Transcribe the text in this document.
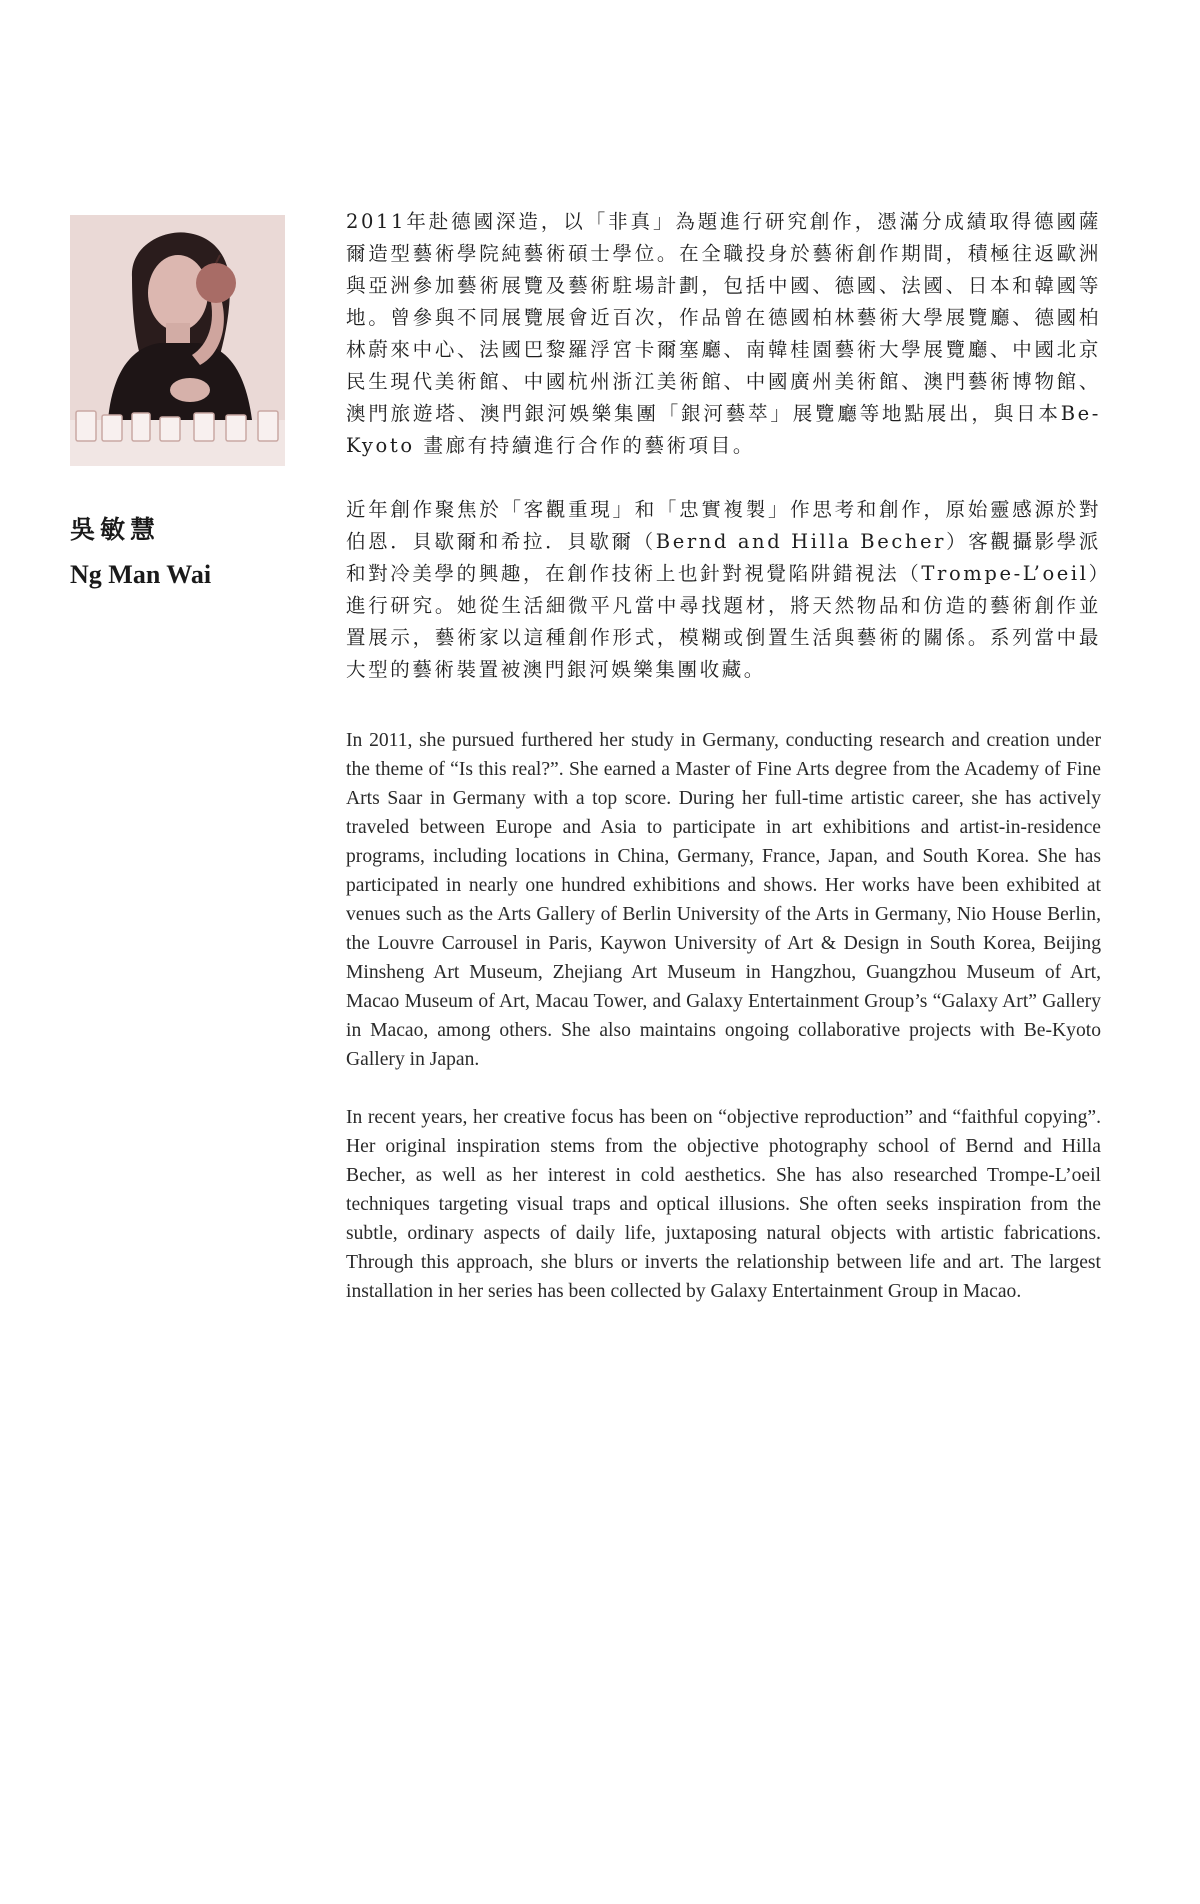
吳敏慧
Ng Man Wai

2011年赴德國深造，以「非真」為題進行研究創作，憑滿分成績取得德國薩爾造型藝術學院純藝術碩士學位。在全職投身於藝術創作期間，積極往返歐洲與亞洲參加藝術展覽及藝術駐場計劃，包括中國、德國、法國、日本和韓國等地。曾參與不同展覽展會近百次，作品曾在德國柏林藝術大學展覽廳、德國柏林蔚來中心、法國巴黎羅浮宮卡爾塞廳、南韓桂園藝術大學展覽廳、中國北京民生現代美術館、中國杭州浙江美術館、中國廣州美術館、澳門藝術博物館、澳門旅遊塔、澳門銀河娛樂集團「銀河藝萃」展覽廳等地點展出，與日本Be-Kyoto 畫廊有持續進行合作的藝術項目。

近年創作聚焦於「客觀重現」和「忠實複製」作思考和創作，原始靈感源於對伯恩．貝歇爾和希拉．貝歇爾（Bernd and Hilla Becher）客觀攝影學派和對冷美學的興趣，在創作技術上也針對視覺陷阱錯視法（Trompe-L’oeil）進行研究。她從生活細微平凡當中尋找題材，將天然物品和仿造的藝術創作並置展示，藝術家以這種創作形式，模糊或倒置生活與藝術的關係。系列當中最大型的藝術裝置被澳門銀河娛樂集團收藏。

In 2011, she pursued furthered her study in Germany, conducting research and creation under the theme of “Is this real?”. She earned a Master of Fine Arts degree from the Academy of Fine Arts Saar in Germany with a top score. During her full-time artistic career, she has actively traveled between Europe and Asia to participate in art exhibitions and artist-in-residence programs, including locations in China, Germany, France, Japan, and South Korea. She has participated in nearly one hundred exhibitions and shows. Her works have been exhibited at venues such as the Arts Gallery of Berlin University of the Arts in Germany, Nio House Berlin, the Louvre Carrousel in Paris, Kaywon University of Art & Design in South Korea, Beijing Minsheng Art Museum, Zhejiang Art Museum in Hangzhou, Guangzhou Museum of Art, Macao Museum of Art, Macau Tower, and Galaxy Entertainment Group’s “Galaxy Art” Gallery in Macao, among others. She also maintains ongoing collaborative projects with Be-Kyoto Gallery in Japan.

In recent years, her creative focus has been on “objective reproduction” and “faithful copying”. Her original inspiration stems from the objective photography school of Bernd and Hilla Becher, as well as her interest in cold aesthetics. She has also researched Trompe-L’oeil techniques targeting visual traps and optical illusions. She often seeks inspiration from the subtle, ordinary aspects of daily life, juxtaposing natural objects with artistic fabrications. Through this approach, she blurs or inverts the relationship between life and art. The largest installation in her series has been collected by Galaxy Entertainment Group in Macao.
